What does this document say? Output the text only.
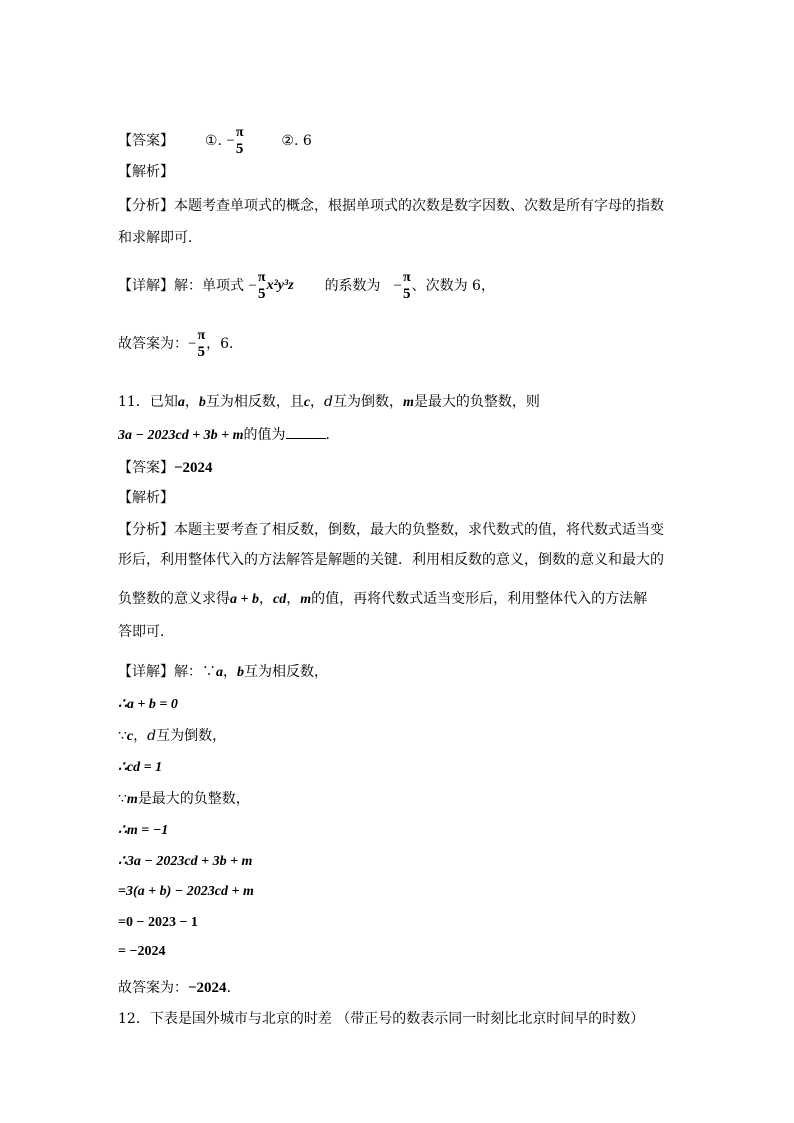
【答案】 ①. −
π
5	②. 6
【解析】
【分析】本题考查单项式的概念，根据单项式的次数是数字因数、次数是所有字母的指数
和求解即可．
【详解】解：单项式 −
π
5
x²y³z 的系数为 −
π
5 、次数为 6，
故答案为：−
π
5 ，6．
11．已知a，b互为相反数，且c，d互为倒数，m是最大的负整数，则
3a − 2023cd + 3b + m的值为	．
【答案】−2024
【解析】
【分析】本题主要考查了相反数，倒数，最大的负整数，求代数式的值，将代数式适当变
形后，利用整体代入的方法解答是解题的关键．利用相反数的意义，倒数的意义和最大的
负整数的意义求得a + b，cd，m的值，再将代数式适当变形后，利用整体代入的方法解
答即可．
【详解】解：∵a，b互为相反数，
∴a + b = 0
∵c，d互为倒数，
∴cd = 1
∵m是最大的负整数，
∴m = −1
∴3a − 2023cd + 3b + m
=3(a + b) − 2023cd + m
=0 − 2023 − 1
= −2024
故答案为：−2024．
12．下表是国外城市与北京的时差 （带正号的数表示同一时刻比北京时间早的时数）
